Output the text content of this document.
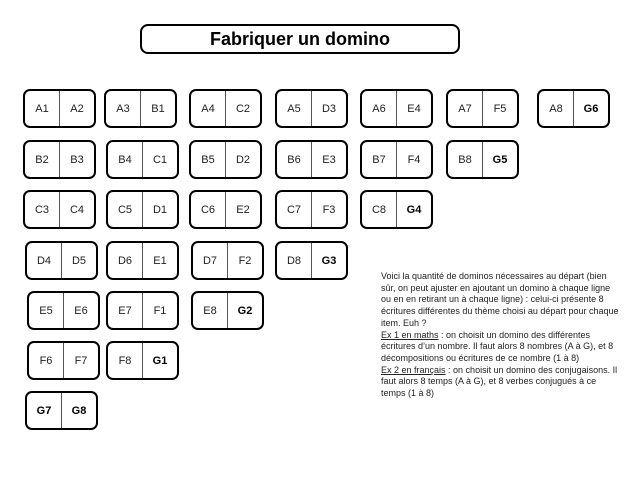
Fabriquer un domino
A1	A2	A3	B1	A4	C2	A5	D3	A6	E4	A7	F5	A8	G6
B2	B3	B4	C1	B5	D2	B6	E3	B7	F4	B8	G5
C3	C4	C5	D1	C6	E2	C7	F3	C8	G4
D4	D5	D6	E1	D7	F2	D8	G3
E5	E6	E7	F1	E8	G2
F6	F7	F8	G1
G7	G8

Voici la quantité de dominos nécessaires au départ (bien sûr, on peut ajuster en ajoutant un domino à chaque ligne ou en en retirant un à chaque ligne) : celui-ci présente 8 écritures différentes du thème choisi au départ pour chaque item. Euh ?

Ex 1 en maths : on choisit un domino des différentes écritures d’un nombre. Il faut alors 8 nombres (A à G), et 8 décompositions ou écritures de ce nombre (1 à 8)

Ex 2 en français : on choisit un domino des conjugaisons. Il faut alors 8 temps (A à G), et 8 verbes conjugués à ce temps (1 à 8)
